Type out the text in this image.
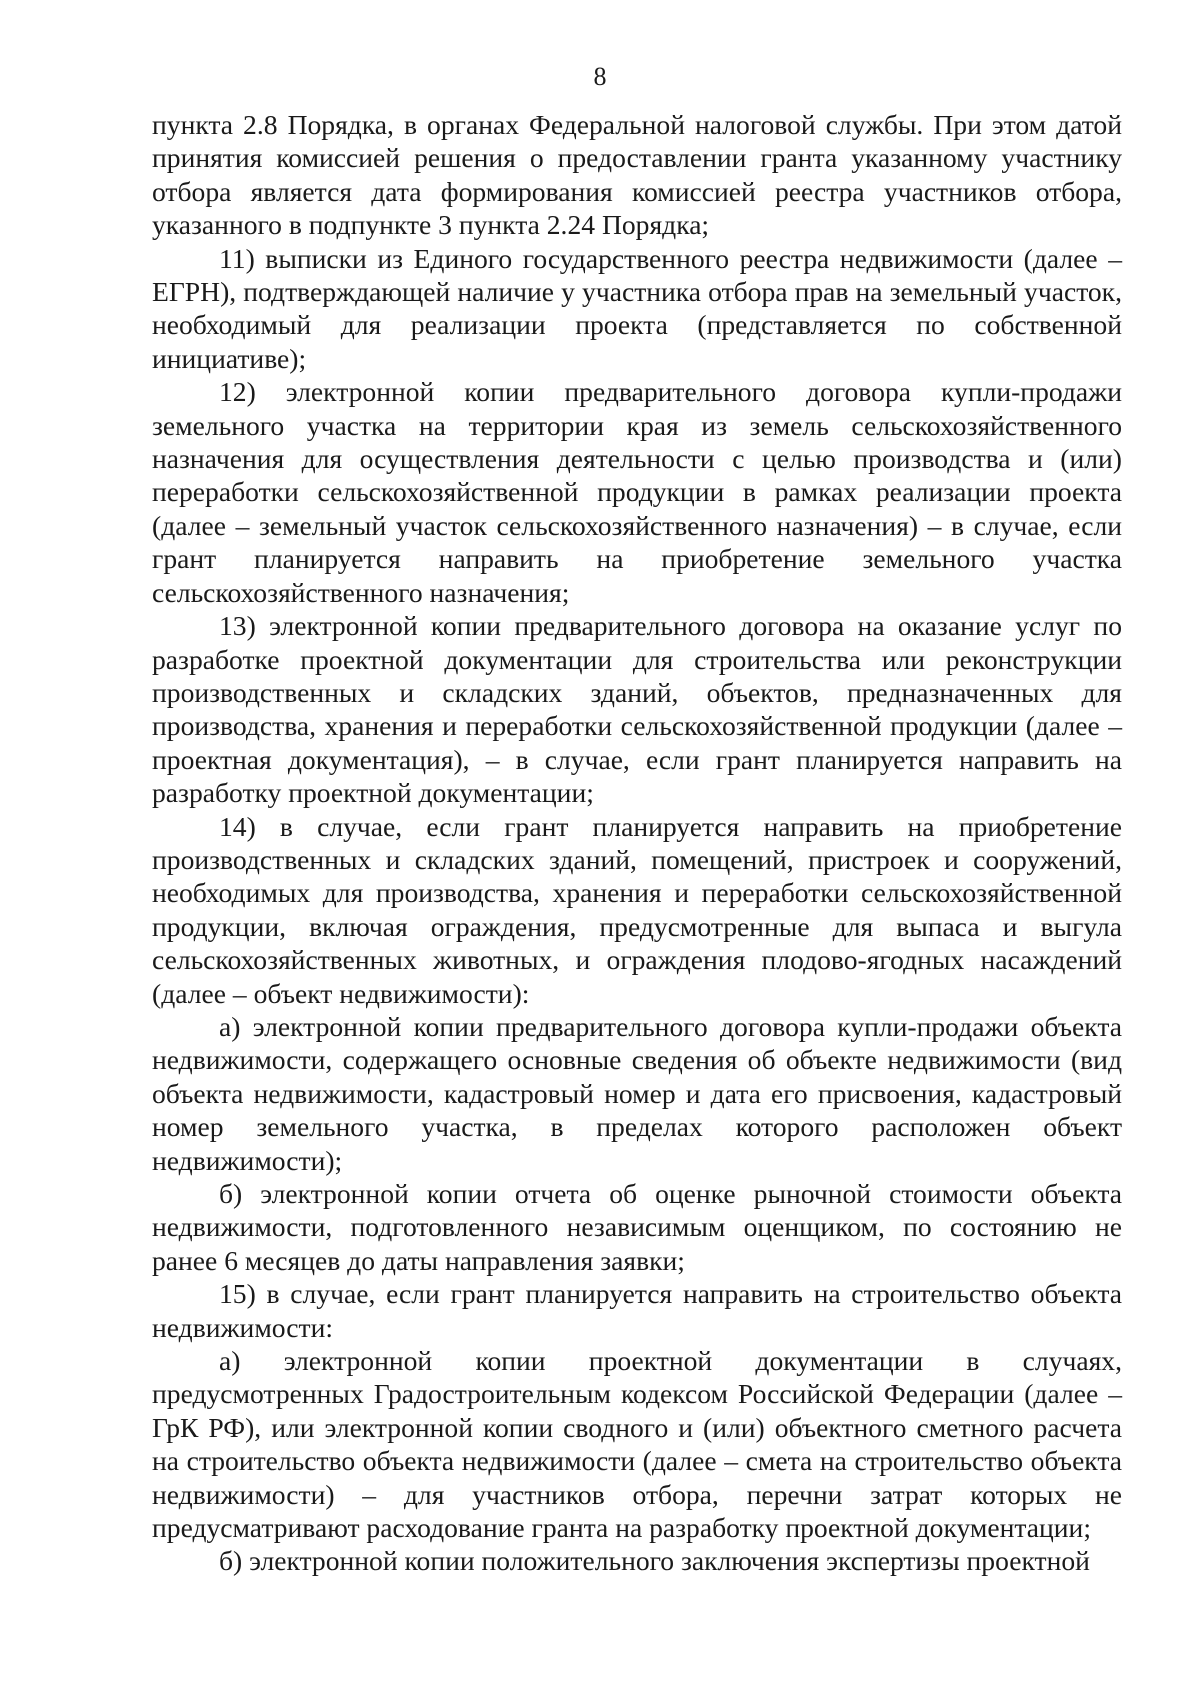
8

пункта 2.8 Порядка, в органах Федеральной налоговой службы. При этом датой принятия комиссией решения о предоставлении гранта указанному участнику отбора является дата формирования комиссией реестра участников отбора, указанного в подпункте 3 пункта 2.24 Порядка;

11) выписки из Единого государственного реестра недвижимости (далее – ЕГРН), подтверждающей наличие у участника отбора прав на земельный участок, необходимый для реализации проекта (представляется по собственной инициативе);

12) электронной копии предварительного договора купли-продажи земельного участка на территории края из земель сельскохозяйственного назначения для осуществления деятельности с целью производства и (или) переработки сельскохозяйственной продукции в рамках реализации проекта (далее – земельный участок сельскохозяйственного назначения) – в случае, если грант планируется направить на приобретение земельного участка сельскохозяйственного назначения;

13) электронной копии предварительного договора на оказание услуг по разработке проектной документации для строительства или реконструкции производственных и складских зданий, объектов, предназначенных для производства, хранения и переработки сельскохозяйственной продукции (далее – проектная документация), – в случае, если грант планируется направить на разработку проектной документации;

14) в случае, если грант планируется направить на приобретение производственных и складских зданий, помещений, пристроек и сооружений, необходимых для производства, хранения и переработки сельскохозяйственной продукции, включая ограждения, предусмотренные для выпаса и выгула сельскохозяйственных животных, и ограждения плодово-ягодных насаждений (далее – объект недвижимости):

а) электронной копии предварительного договора купли-продажи объекта недвижимости, содержащего основные сведения об объекте недвижимости (вид объекта недвижимости, кадастровый номер и дата его присвоения, кадастровый номер земельного участка, в пределах которого расположен объект недвижимости);

б) электронной копии отчета об оценке рыночной стоимости объекта недвижимости, подготовленного независимым оценщиком, по состоянию не ранее 6 месяцев до даты направления заявки;

15) в случае, если грант планируется направить на строительство объекта недвижимости:

а) электронной копии проектной документации в случаях, предусмотренных Градостроительным кодексом Российской Федерации (далее – ГрК РФ), или электронной копии сводного и (или) объектного сметного расчета на строительство объекта недвижимости (далее – смета на строительство объекта недвижимости) – для участников отбора, перечни затрат которых не предусматривают расходование гранта на разработку проектной документации;

б) электронной копии положительного заключения экспертизы проектной
